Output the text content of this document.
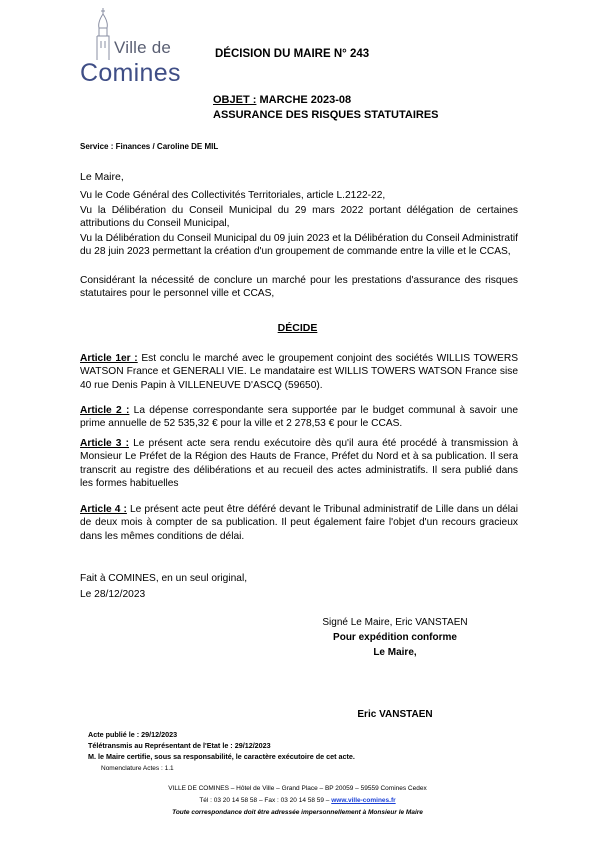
Ville de
Comines
DÉCISION DU MAIRE N° 243
OBJET : MARCHE 2023-08
ASSURANCE DES RISQUES STATUTAIRES
Service : Finances / Caroline DE MIL
Le Maire,
Vu le Code Général des Collectivités Territoriales, article L.2122-22,
Vu la Délibération du Conseil Municipal du 29 mars 2022 portant délégation de certaines attributions du Conseil Municipal,
Vu la Délibération du Conseil Municipal du 09 juin 2023 et la Délibération du Conseil Administratif du 28 juin 2023 permettant la création d'un groupement de commande entre la ville et le CCAS,
Considérant la nécessité de conclure un marché pour les prestations d'assurance des risques statutaires pour le personnel ville et CCAS,
DÉCIDE
Article 1er : Est conclu le marché avec le groupement conjoint des sociétés WILLIS TOWERS WATSON France et GENERALI VIE. Le mandataire est WILLIS TOWERS WATSON France sise 40 rue Denis Papin à VILLENEUVE D'ASCQ (59650).
Article 2 : La dépense correspondante sera supportée par le budget communal à savoir une prime annuelle de 52 535,32 € pour la ville et 2 278,53 € pour le CCAS.
Article 3 : Le présent acte sera rendu exécutoire dès qu'il aura été procédé à transmission à Monsieur Le Préfet de la Région des Hauts de France, Préfet du Nord et à sa publication. Il sera transcrit au registre des délibérations et au recueil des actes administratifs. Il sera publié dans les formes habituelles
Article 4 : Le présent acte peut être déféré devant le Tribunal administratif de Lille dans un délai de deux mois à compter de sa publication. Il peut également faire l'objet d'un recours gracieux dans les mêmes conditions de délai.
Fait à COMINES, en un seul original,
Le 28/12/2023
Signé Le Maire, Eric VANSTAEN
Pour expédition conforme
Le Maire,
Eric VANSTAEN
Acte publié le : 29/12/2023
Télétransmis au Représentant de l'Etat le : 29/12/2023
M. le Maire certifie, sous sa responsabilité, le caractère exécutoire de cet acte.
Nomenclature Actes : 1.1
VILLE DE COMINES – Hôtel de Ville – Grand Place – BP 20059 – 59559 Comines Cedex
Tél : 03 20 14 58 58 – Fax : 03 20 14 58 59 – www.ville-comines.fr
Toute correspondance doit être adressée impersonnellement à Monsieur le Maire
